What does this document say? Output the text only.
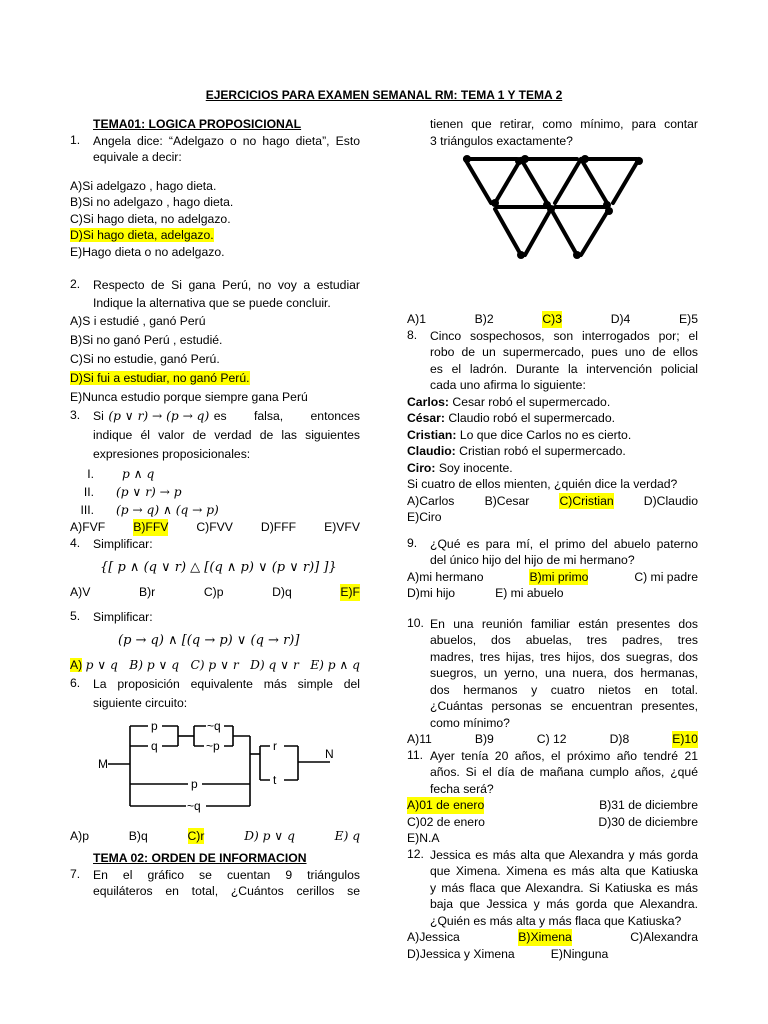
EJERCICIOS PARA EXAMEN SEMANAL RM: TEMA 1 Y TEMA 2
TEMA01: LOGICA PROPOSICIONAL
1. Angela dice: “Adelgazo o no hago dieta”, Esto
equivale a decir:
A)Si adelgazo , hago dieta.
B)Si no adelgazo , hago dieta.
C)Si hago dieta, no adelgazo.
D)Si hago dieta, adelgazo.
E)Hago dieta o no adelgazo.
2. Respecto de Si gana Perú, no voy a estudiar
Indique la alternativa que se puede concluir.
A)S i estudié , ganó Perú
B)Si no ganó Perú , estudié.
C)Si no estudie, ganó Perú.
D)Si fui a estudiar, no ganó Perú.
E)Nunca estudio porque siempre gana Perú
3. Si (p ∨ r) → (p → q) es falsa, entonces
indique él valor de verdad de las siguientes
expresiones proposicionales:
I.	p ∧ q
II.	(p ∨ r) → p
III.	(p → q) ∧ (q → p)
A)FVF B)FFV C)FVV D)FFF E)VFV
4. Simplificar:
{[ p ∧ (q ∨ r) △ [(q ∧ p) ∨ (p ∨ r)] ]}
A)V	B)r	C)p	D)q	E)F
5. Simplificar:
(p → q) ∧ [(q → p) ∨ (q → r)]
A) p ∨ q B) p ∨ q C) p ∨ r D) q ∨ r E) p ∧ q
6. La proposición equivalente más simple del
siguiente circuito:
M
N
p
q
~q
~p
p
~q
r
t
A)p	B)q	C)r	D) p ∨ q	E) q
TEMA 02: ORDEN DE INFORMACION
7. En el gráfico se cuentan 9 triángulos
equiláteros en total, ¿Cuántos cerillos se
tienen que retirar, como mínimo, para contar
3 triángulos exactamente?
A)1	B)2	C)3	D)4	E)5
8. Cinco sospechosos, son interrogados por; el
robo de un supermercado, pues uno de ellos
es el ladrón. Durante la intervención policial
cada uno afirma lo siguiente:
Carlos: Cesar robó el supermercado.
César: Claudio robó el supermercado.
Cristian: Lo que dice Carlos no es cierto.
Claudio: Cristian robó el supermercado.
Ciro: Soy inocente.
Si cuatro de ellos mienten, ¿quién dice la verdad?
A)Carlos B)Cesar C)Cristian D)Claudio
E)Ciro
9. ¿Qué es para mí, el primo del abuelo paterno
del único hijo del hijo de mi hermano?
A)mi hermano	B)mi primo	C) mi padre
D)mi hijo	E) mi abuelo
10. En una reunión familiar están presentes dos
abuelos, dos abuelas, tres padres, tres
madres, tres hijas, tres hijos, dos suegras, dos
suegros, un yerno, una nuera, dos hermanas,
dos hermanos y cuatro nietos en total.
¿Cuántas personas se encuentran presentes,
como mínimo?
A)11	B)9	C) 12	D)8	E)10
11. Ayer tenía 20 años, el próximo año tendré 21
años. Si el día de mañana cumplo años, ¿qué
fecha será?
A)01 de enero	B)31 de diciembre
C)02 de enero	D)30 de diciembre
E)N.A
12. Jessica es más alta que Alexandra y más gorda
que Ximena. Ximena es más alta que Katiuska
y más flaca que Alexandra. Si Katiuska es más
baja que Jessica y más gorda que Alexandra.
¿Quién es más alta y más flaca que Katiuska?
A)Jessica	B)Ximena	C)Alexandra
D)Jessica y Ximena	E)Ninguna
